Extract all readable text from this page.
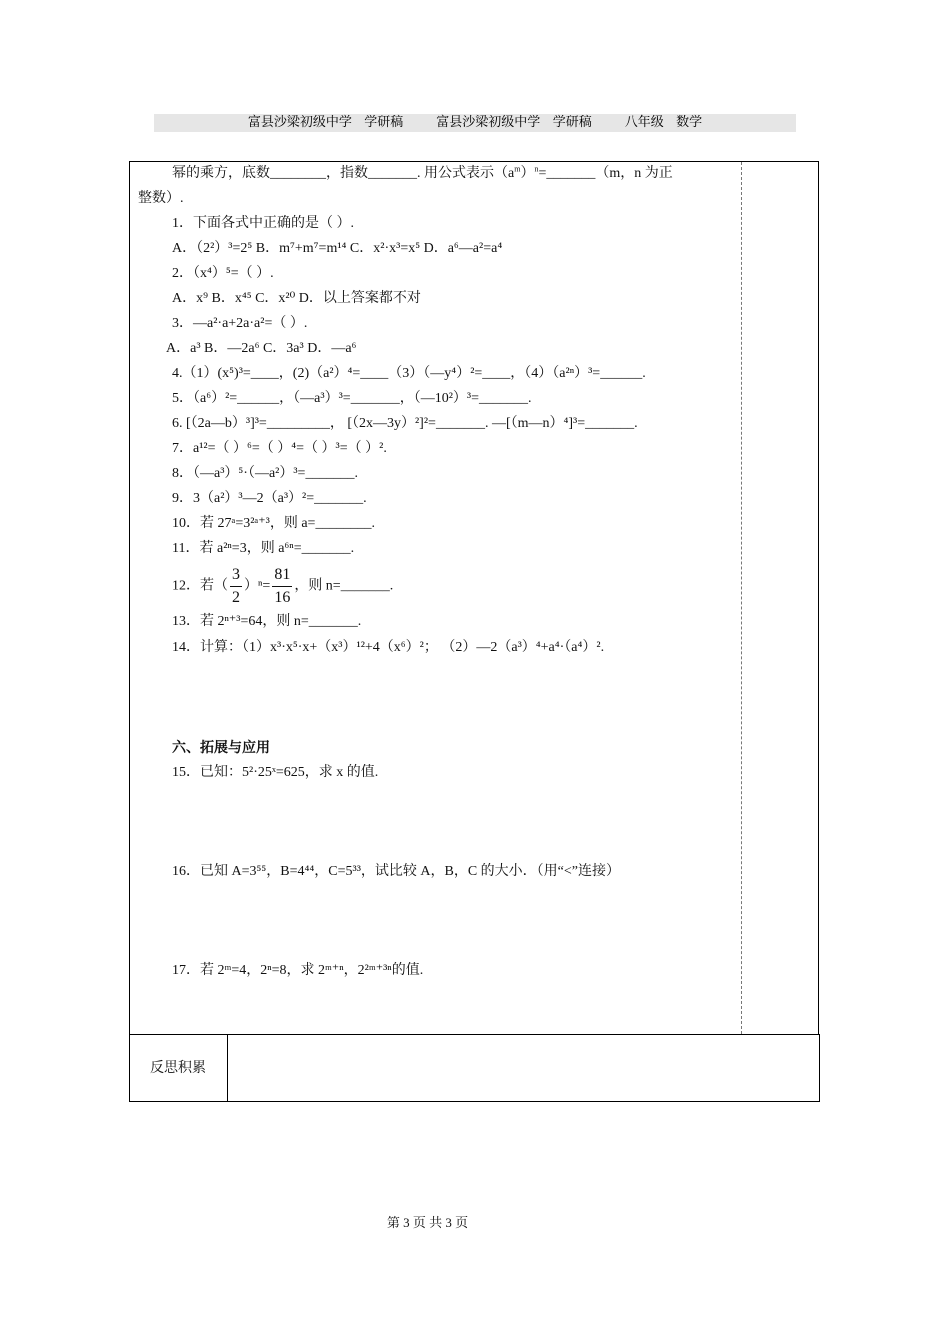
富县沙梁初级中学   学研稿        富县沙梁初级中学   学研稿        八年级   数学
幂的乘方，底数________，指数_______. 用公式表示$(a^m)^n=\_\_\_\_\_\_\_(m$，n 为正
整数）.
1．下面各式中正确的是（ ）.
A．（2²）³=2⁵ B．m⁷+m⁷=m¹⁴ C．x²·x³=x⁵ D．a⁶—a²=a⁴
2．（x⁴）⁵=（ ）.
A．x⁹ B．x⁴⁵ C．x²⁰ D．以上答案都不对
3．—a²·a+2a·a²=（ ）.
A．a³ B．—2a⁶ C．3a³ D．—a⁶
4.（1）(x⁵)³=____，(2)（a²）⁴=____（3）（—y⁴）²=____，（4）（a²ⁿ）³=______.
5．（a⁶）²=______，（—a³）³=_______，（—10²）³=_______.
6. [（2a—b）³]³=_________， [（2x—3y）²]²=_______. —[（m—n）⁴]³=_______.
7．a¹²=（ ）⁶=（ ）⁴=（ ）³=（ ）².
8．（—a³）⁵·（—a²）³=_______.
9．3（a²）³—2（a³）²=_______.
10．若 27ᵃ=3²ᵃ⁺³，则 a=________.
11．若 a²ⁿ=3，则 a⁶ⁿ=_______.
12．若（ $\frac{3}{2} )^n= \frac{81}{16}$ ，则 n=_______.
13．若 2ⁿ⁺³=64，则 n=_______.
14．计算：（1）x³·x⁵·x+（x³）¹²+4（x⁶）²； （2）—2（a³）⁴+a⁴·（a⁴）².
六、拓展与应用
15．已知：5²·25ˣ=625，求 x 的值.
16．已知 A=3⁵⁵，B=4⁴⁴，C=5³³，试比较 A，B，C 的大小．（用“<”连接）
17．若 2ᵐ=4，2ⁿ=8，求 2ᵐ⁺ⁿ，2²ᵐ⁺³ⁿ的值.
反思积累
第 3 页 共 3 页
